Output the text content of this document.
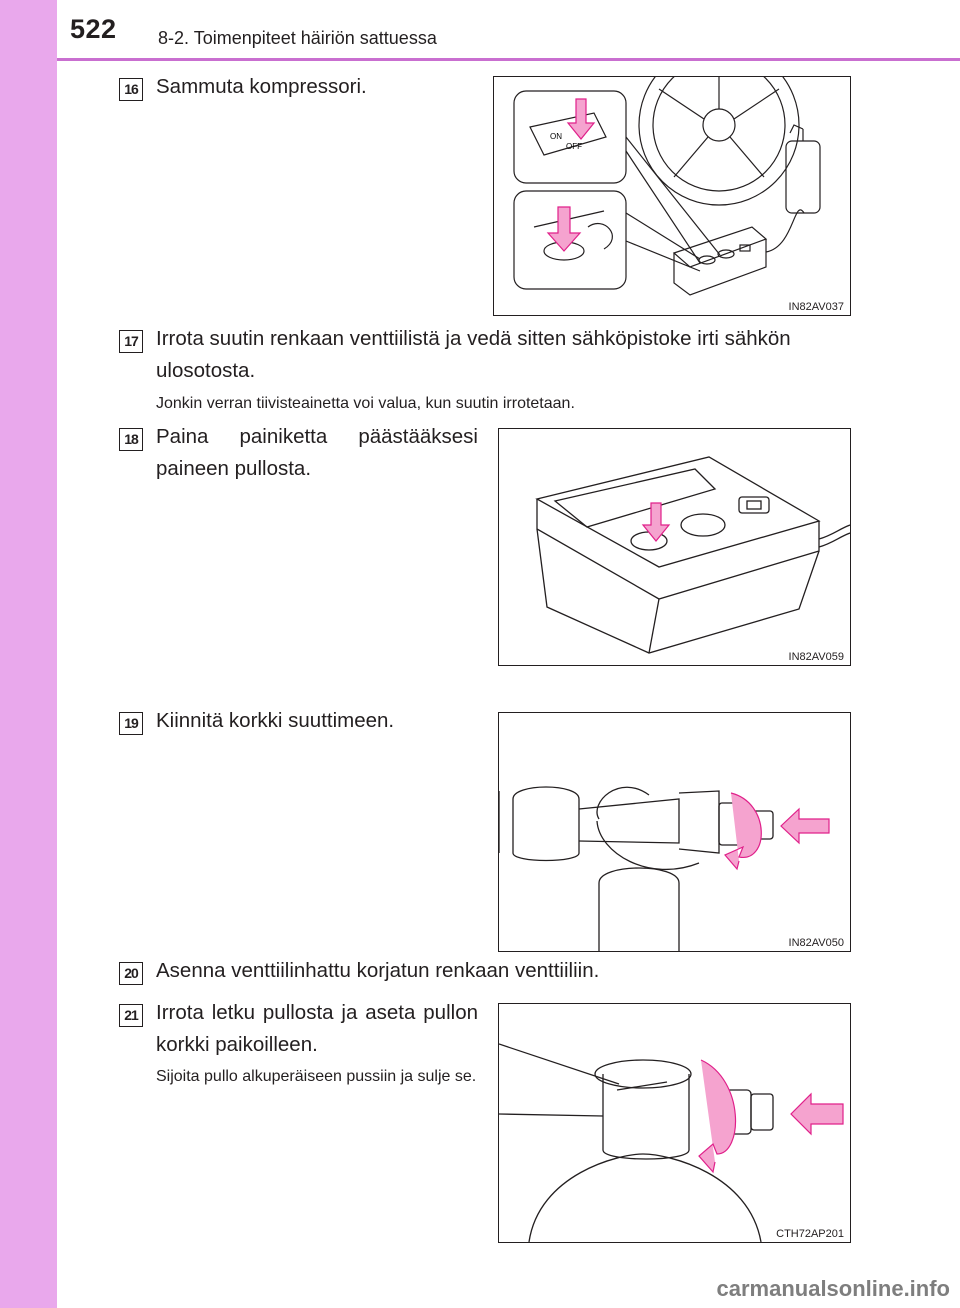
522 8-2. Toimenpiteet häiriön sattuessa
16 Sammuta kompressori.
ON
OFF
IN82AV037
17 Irrota suutin renkaan venttiilistä ja vedä sitten sähköpistoke irti sähkön ulosotosta.
Jonkin verran tiivisteainetta voi valua, kun suutin irrotetaan.
18 Paina painiketta päästääksesi paineen pullosta.
IN82AV059
19 Kiinnitä korkki suuttimeen.
IN82AV050
20 Asenna venttiilinhattu korjatun renkaan venttiiliin.
21 Irrota letku pullosta ja aseta pullon korkki paikoilleen.
Sijoita pullo alkuperäiseen pussiin ja sulje se.
CTH72AP201
carmanualsonline.info
